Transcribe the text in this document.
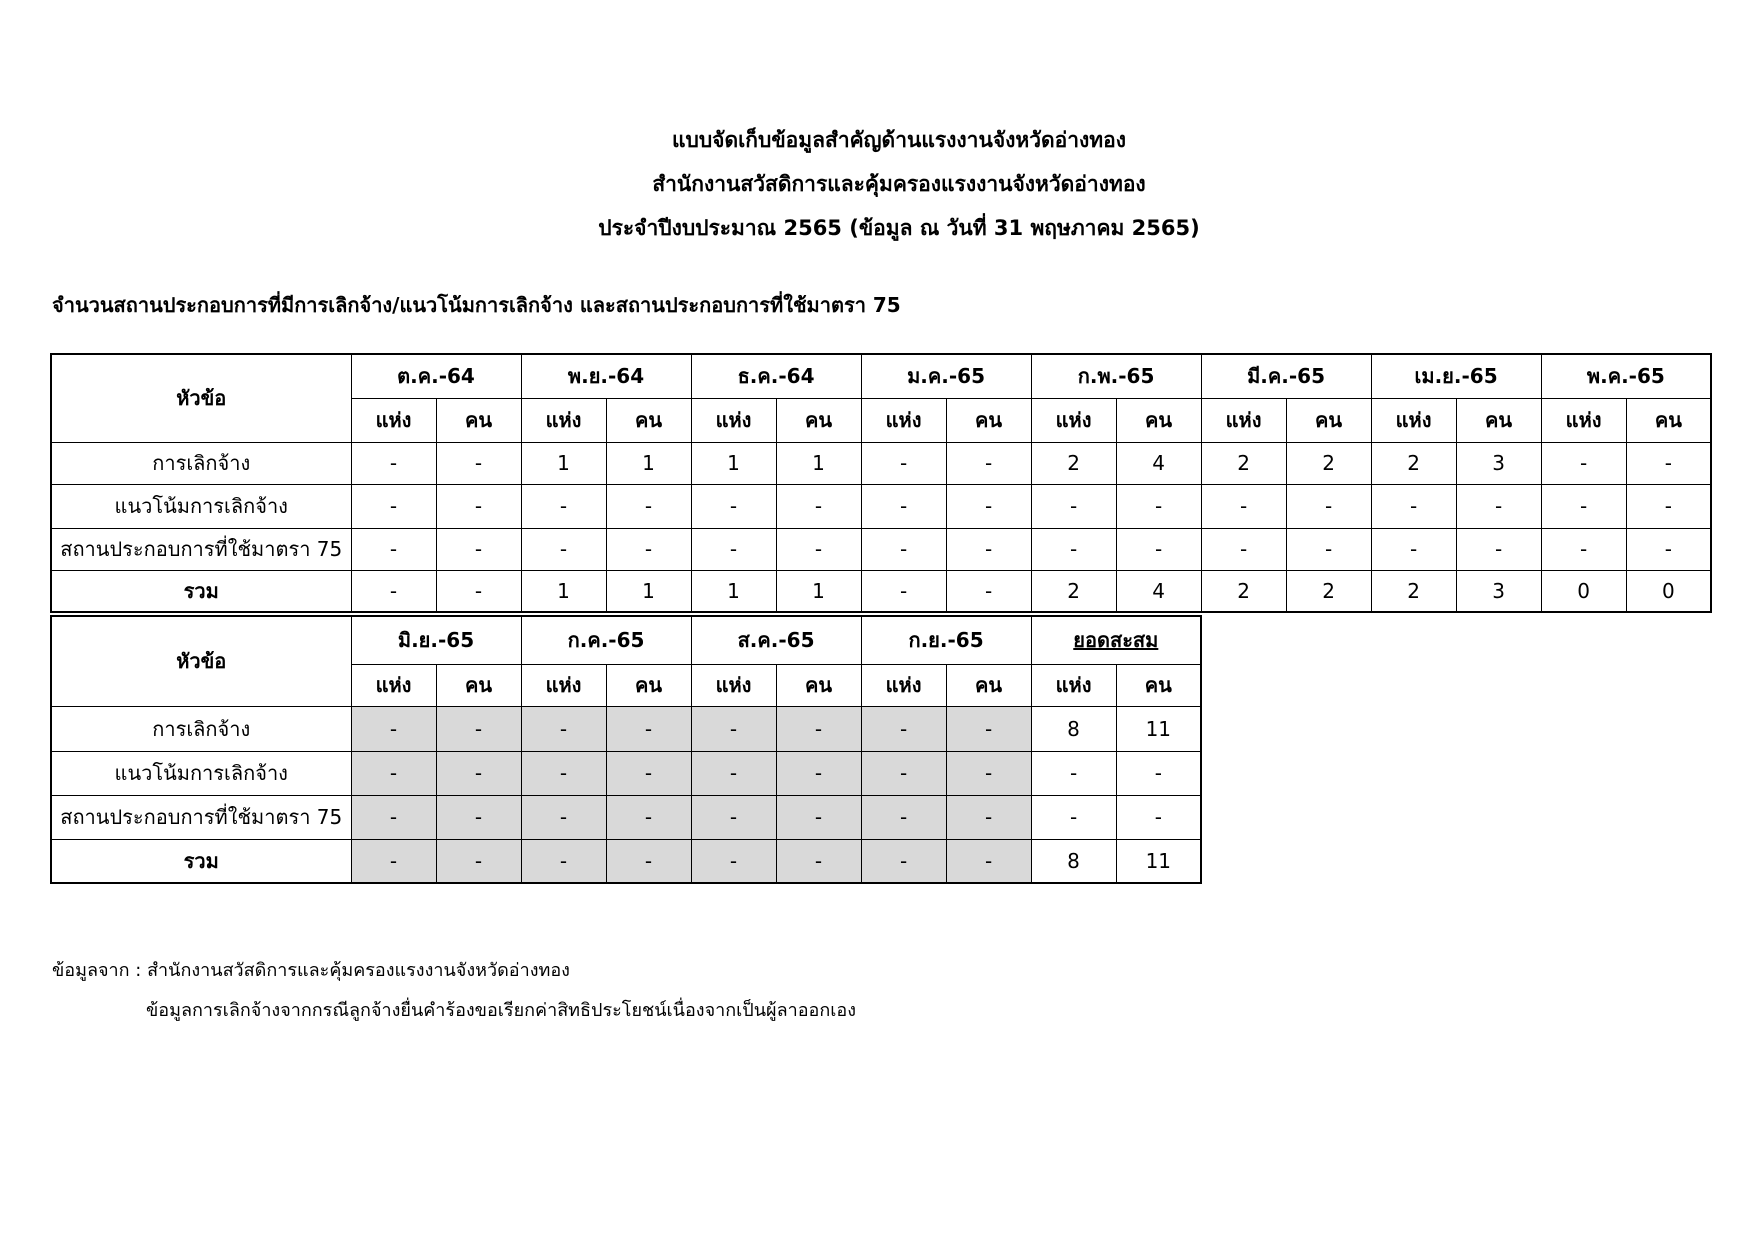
แบบจัดเก็บข้อมูลสำคัญด้านแรงงานจังหวัดอ่างทอง
สำนักงานสวัสดิการและคุ้มครองแรงงานจังหวัดอ่างทอง
ประจำปีงบประมาณ 2565 (ข้อมูล ณ วันที่ 31 พฤษภาคม 2565)
จำนวนสถานประกอบการที่มีการเลิกจ้าง/แนวโน้มการเลิกจ้าง และสถานประกอบการที่ใช้มาตรา 75
หัวข้อ	ต.ค.-64		พ.ย.-64		ธ.ค.-64		ม.ค.-65		ก.พ.-65		มี.ค.-65		เม.ย.-65		พ.ค.-65	
	แห่ง	คน	แห่ง	คน	แห่ง	คน	แห่ง	คน	แห่ง	คน	แห่ง	คน	แห่ง	คน	แห่ง	คน
การเลิกจ้าง	-	-	1	1	1	1	-	-	2	4	2	2	2	3	-	-
แนวโน้มการเลิกจ้าง	-	-	-	-	-	-	-	-	-	-	-	-	-	-	-	-
สถานประกอบการที่ใช้มาตรา 75	-	-	-	-	-	-	-	-	-	-	-	-	-	-	-	-
รวม	-	-	1	1	1	1	-	-	2	4	2	2	2	3	0	0
หัวข้อ	มิ.ย.-65		ก.ค.-65		ส.ค.-65		ก.ย.-65		ยอดสะสม	
	แห่ง	คน	แห่ง	คน	แห่ง	คน	แห่ง	คน	แห่ง	คน
การเลิกจ้าง	-	-	-	-	-	-	-	-	8	11
แนวโน้มการเลิกจ้าง	-	-	-	-	-	-	-	-	-	-
สถานประกอบการที่ใช้มาตรา 75	-	-	-	-	-	-	-	-	-	-
รวม	-	-	-	-	-	-	-	-	8	11
ข้อมูลจาก : สำนักงานสวัสดิการและคุ้มครองแรงงานจังหวัดอ่างทอง
ข้อมูลการเลิกจ้างจากกรณีลูกจ้างยื่นคำร้องขอเรียกค่าสิทธิประโยชน์เนื่องจากเป็นผู้ลาออกเอง
